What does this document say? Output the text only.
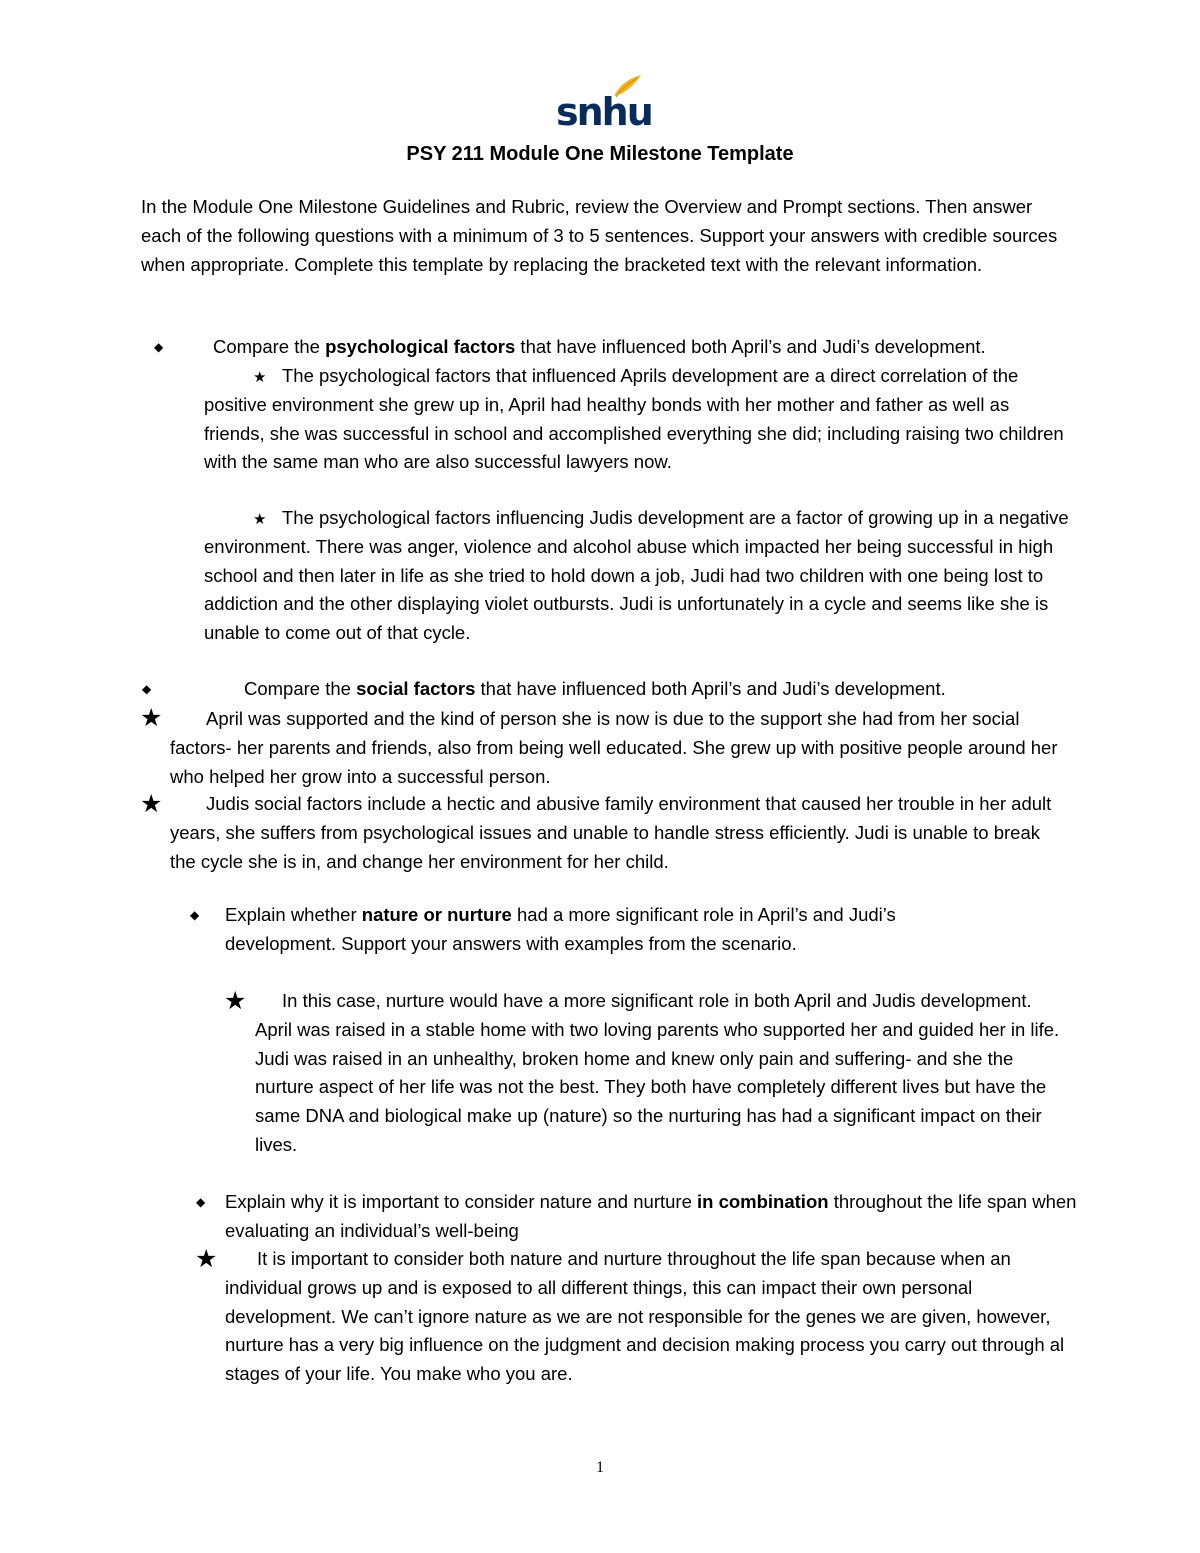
snhu
PSY 211 Module One Milestone Template

In the Module One Milestone Guidelines and Rubric, review the Overview and Prompt sections. Then answer each of the following questions with a minimum of 3 to 5 sentences. Support your answers with credible sources when appropriate. Complete this template by replacing the bracketed text with the relevant information.

◆	Compare the psychological factors that have influenced both April’s and Judi’s development.

★ The psychological factors that influenced Aprils development are a direct correlation of the positive environment she grew up in, April had healthy bonds with her mother and father as well as friends, she was successful in school and accomplished everything she did; including raising two children with the same man who are also successful lawyers now.

★ The psychological factors influencing Judis development are a factor of growing up in a negative environment. There was anger, violence and alcohol abuse which impacted her being successful in high school and then later in life as she tried to hold down a job, Judi had two children with one being lost to addiction and the other displaying violet outbursts. Judi is unfortunately in a cycle and seems like she is unable to come out of that cycle.

◆	Compare the social factors that have influenced both April’s and Judi’s development.

★	April was supported and the kind of person she is now is due to the support she had from her social factors- her parents and friends, also from being well educated. She grew up with positive people around her who helped her grow into a successful person.

★	Judis social factors include a hectic and abusive family environment that caused her trouble in her adult years, she suffers from psychological issues and unable to handle stress efficiently. Judi is unable to break the cycle she is in, and change her environment for her child.

◆ Explain whether nature or nurture had a more significant role in April’s and Judi’s development. Support your answers with examples from the scenario.

★	In this case, nurture would have a more significant role in both April and Judis development. April was raised in a stable home with two loving parents who supported her and guided her in life. Judi was raised in an unhealthy, broken home and knew only pain and suffering- and she the nurture aspect of her life was not the best. They both have completely different lives but have the same DNA and biological make up (nature) so the nurturing has had a significant impact on their lives.

◆ Explain why it is important to consider nature and nurture in combination throughout the life span when evaluating an individual’s well-being

★	It is important to consider both nature and nurture throughout the life span because when an individual grows up and is exposed to all different things, this can impact their own personal development. We can’t ignore nature as we are not responsible for the genes we are given, however, nurture has a very big influence on the judgment and decision making process you carry out through al stages of your life. You make who you are.

1
